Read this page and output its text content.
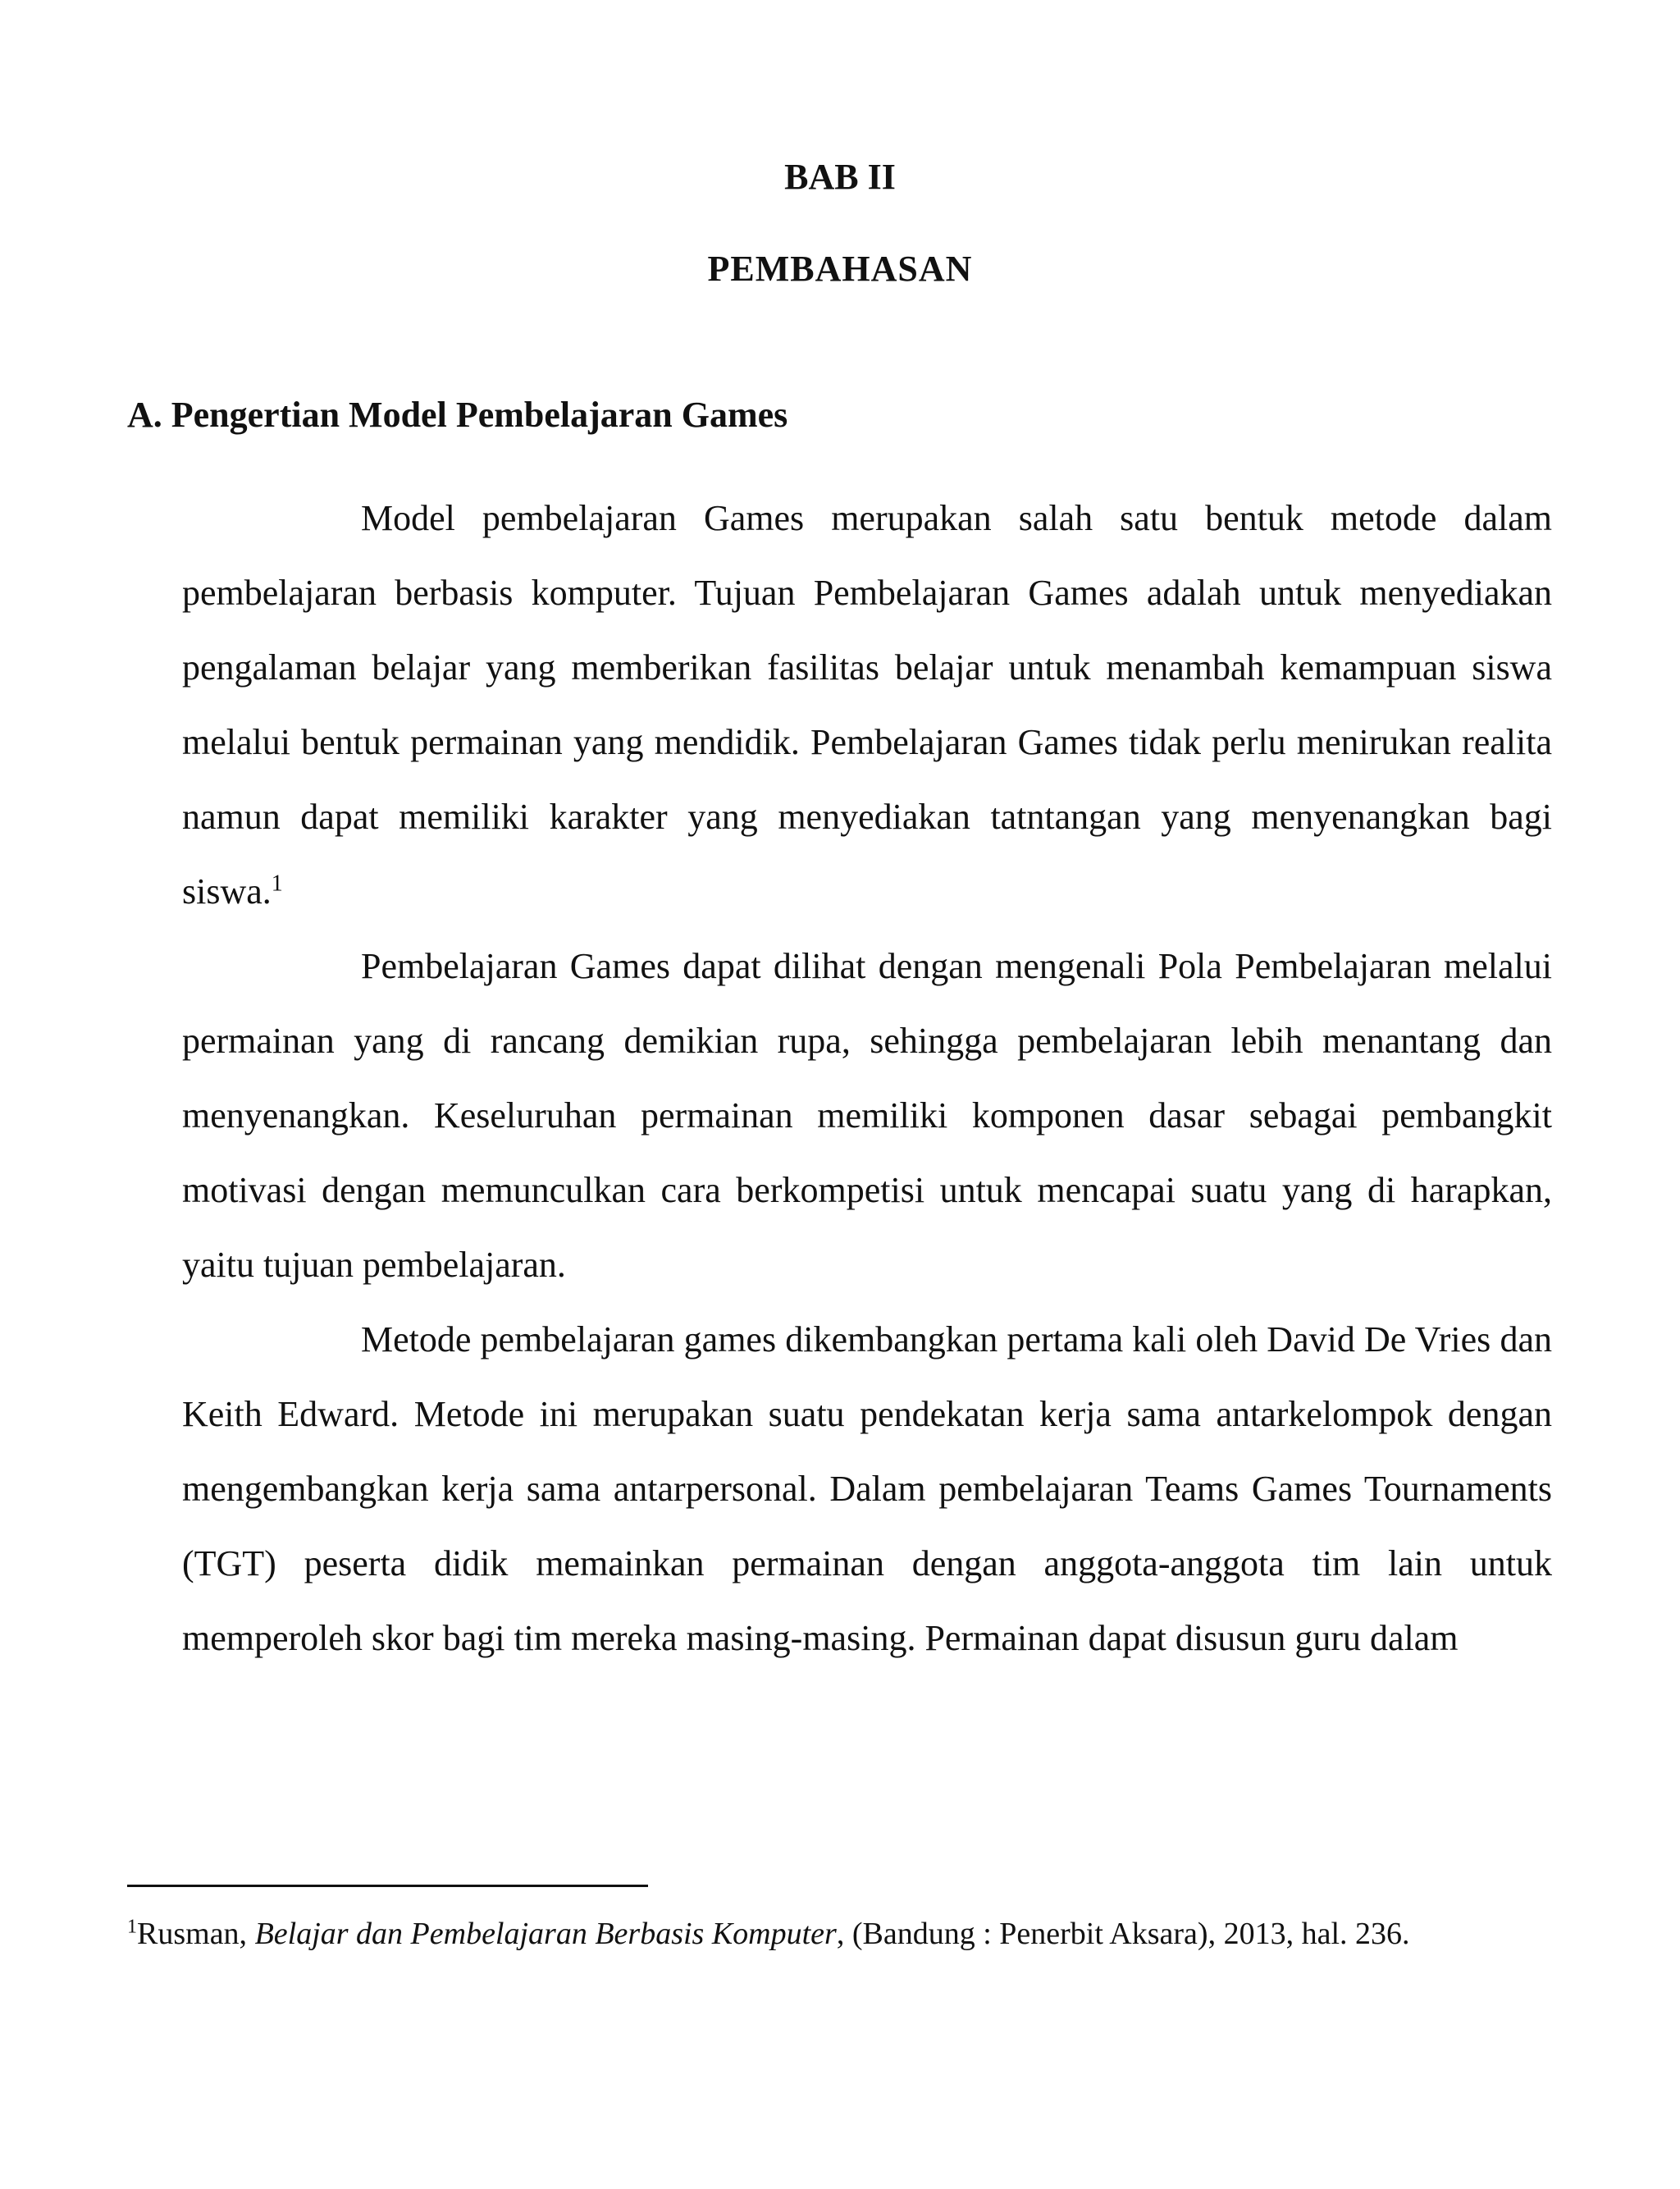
BAB II
PEMBAHASAN
A. Pengertian Model Pembelajaran Games

Model pembelajaran Games merupakan salah satu bentuk metode dalam pembelajaran berbasis komputer. Tujuan Pembelajaran Games adalah untuk menyediakan pengalaman belajar yang memberikan fasilitas belajar untuk menambah kemampuan siswa melalui bentuk permainan yang mendidik. Pembelajaran Games tidak perlu menirukan realita namun dapat memiliki karakter yang menyediakan tatntangan yang menyenangkan bagi siswa.$^1$

Pembelajaran Games dapat dilihat dengan mengenali Pola Pembelajaran melalui permainan yang di rancang demikian rupa, sehingga pembelajaran lebih menantang dan menyenangkan. Keseluruhan permainan memiliki komponen dasar sebagai pembangkit motivasi dengan memunculkan cara berkompetisi untuk mencapai suatu yang di harapkan, yaitu tujuan pembelajaran.

Metode pembelajaran games dikembangkan pertama kali oleh David De Vries dan Keith Edward. Metode ini merupakan suatu pendekatan kerja sama antarkelompok dengan mengembangkan kerja sama antarpersonal. Dalam pembelajaran Teams Games Tournaments (TGT) peserta didik memainkan permainan dengan anggota-anggota tim lain untuk memperoleh skor bagi tim mereka masing-masing. Permainan dapat disusun guru dalam

$^1$Rusman, Belajar dan Pembelajaran Berbasis Komputer, (Bandung : Penerbit Aksara), 2013, hal. 236.
